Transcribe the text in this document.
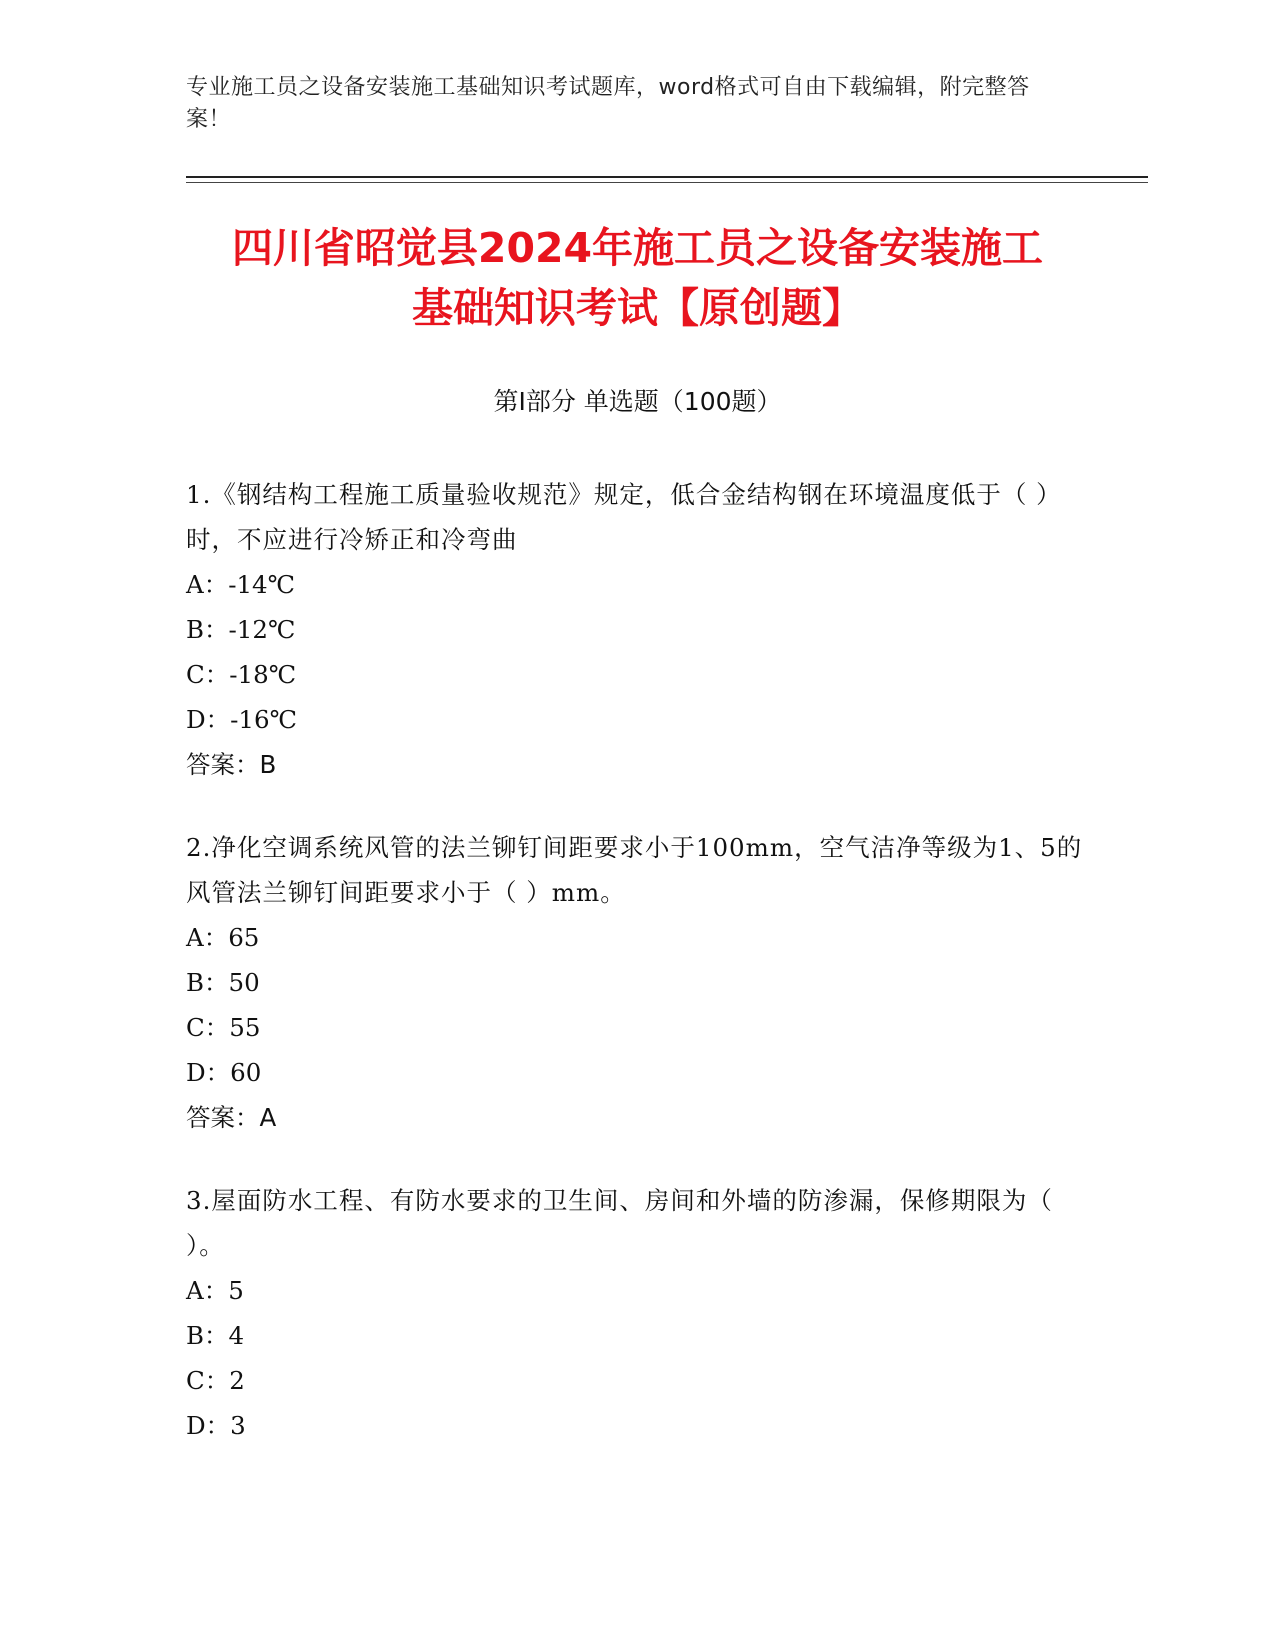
专业施工员之设备安装施工基础知识考试题库，word格式可自由下载编辑，附完整答案！
四川省昭觉县2024年施工员之设备安装施工
基础知识考试【原创题】
第Ⅰ部分 单选题（100题）
1.《钢结构工程施工质量验收规范》规定，低合金结构钢在环境温度低于（ ）时，不应进行冷矫正和冷弯曲
A：-14℃
B：-12℃
C：-18℃
D：-16℃
答案：B
2.净化空调系统风管的法兰铆钉间距要求小于100mm，空气洁净等级为1、5的风管法兰铆钉间距要求小于（ ）mm。
A：65
B：50
C：55
D：60
答案：A
3.屋面防水工程、有防水要求的卫生间、房间和外墙的防渗漏，保修期限为（ ）。
A：5
B：4
C：2
D：3
